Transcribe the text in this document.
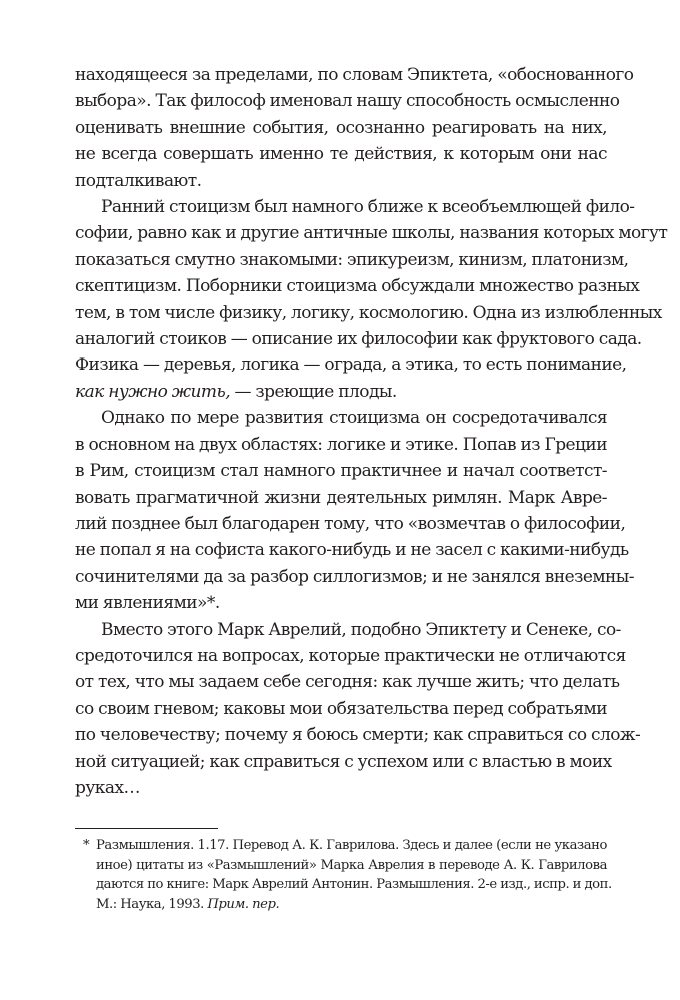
находящееся за пределами, по словам Эпиктета, «обоснованного
выбора». Так философ именовал нашу способность осмысленно
оценивать внешние события, осознанно реагировать на них,
не всегда совершать именно те действия, к которым они нас
подталкивают.

Ранний стоицизм был намного ближе к всеобъемлющей фило-
софии, равно как и другие античные школы, названия которых могут
показаться смутно знакомыми: эпикуреизм, кинизм, платонизм,
скептицизм. Поборники стоицизма обсуждали множество разных
тем, в том числе физику, логику, космологию. Одна из излюбленных
аналогий стоиков — описание их философии как фруктового сада.
Физика — деревья, логика — ограда, а этика, то есть понимание,
как нужно жить, — зреющие плоды.

Однако по мере развития стоицизма он сосредотачивался
в основном на двух областях: логике и этике. Попав из Греции
в Рим, стоицизм стал намного практичнее и начал соответст-
вовать прагматичной жизни деятельных римлян. Марк Авре-
лий позднее был благодарен тому, что «возмечтав о философии,
не попал я на софиста какого-нибудь и не засел с какими-нибудь
сочинителями да за разбор силлогизмов; и не занялся внеземны-
ми явлениями»*.

Вместо этого Марк Аврелий, подобно Эпиктету и Сенеке, со-
средоточился на вопросах, которые практически не отличаются
от тех, что мы задаем себе сегодня: как лучше жить; что делать
со своим гневом; каковы мои обязательства перед собратьями
по человечеству; почему я боюсь смерти; как справиться со слож-
ной ситуацией; как справиться с успехом или с властью в моих
руках…

* Размышления. 1.17. Перевод А. К. Гаврилова. Здесь и далее (если не указано
иное) цитаты из «Размышлений» Марка Аврелия в переводе А. К. Гаврилова
даются по книге: Марк Аврелий Антонин. Размышления. 2-е изд., испр. и доп.
М.: Наука, 1993. Прим. пер.
